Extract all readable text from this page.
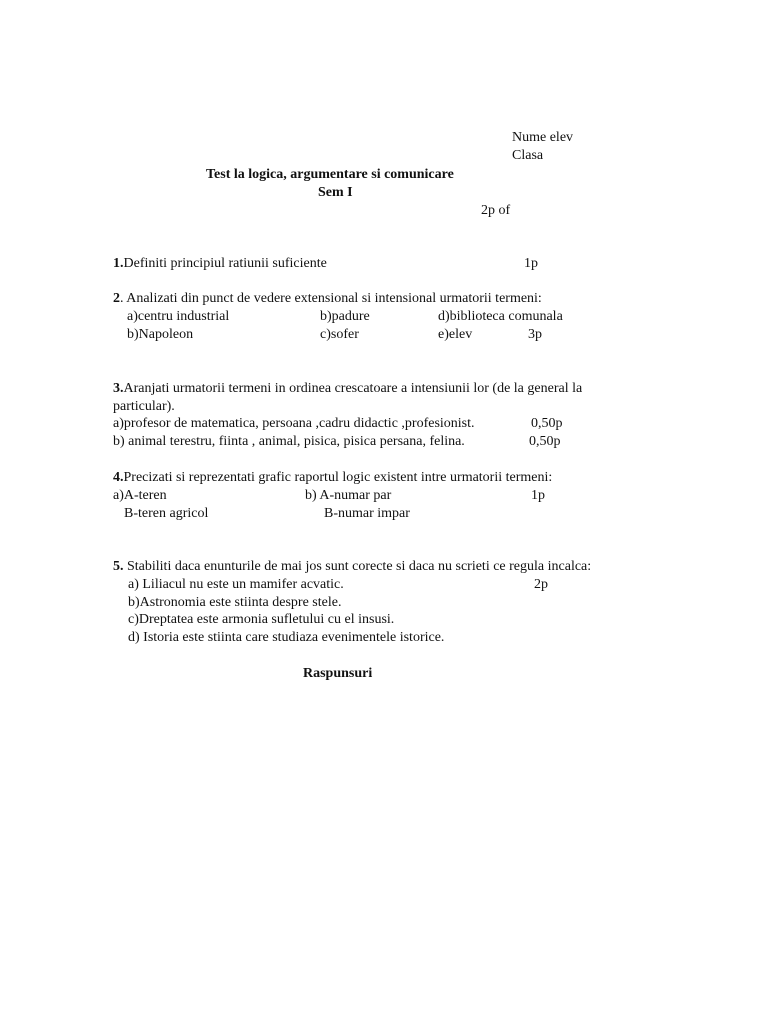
Nume elev
Clasa
Test la logica, argumentare si comunicare
Sem I
2p of
1.Definiti principiul ratiunii suficiente	1p
2. Analizati din punct de vedere extensional si intensional urmatorii termeni:
a)centru industrial	b)padure	d)biblioteca comunala
b)Napoleon	c)sofer	e)elev	3p
3.Aranjati urmatorii termeni in ordinea crescatoare a intensiunii lor (de la general la
particular).
a)profesor de matematica, persoana ,cadru didactic ,profesionist.	0,50p
b) animal terestru, fiinta , animal, pisica, pisica persana, felina.	0,50p
4.Precizati si reprezentati grafic raportul logic existent intre urmatorii termeni:
a)A-teren	b) A-numar par	1p
B-teren agricol	B-numar impar
5. Stabiliti daca enunturile de mai jos sunt corecte si daca nu scrieti ce regula incalca:
a) Liliacul nu este un mamifer acvatic.	2p
b)Astronomia este stiinta despre stele.
c)Dreptatea este armonia sufletului cu el insusi.
d) Istoria este stiinta care studiaza evenimentele istorice.
Raspunsuri
